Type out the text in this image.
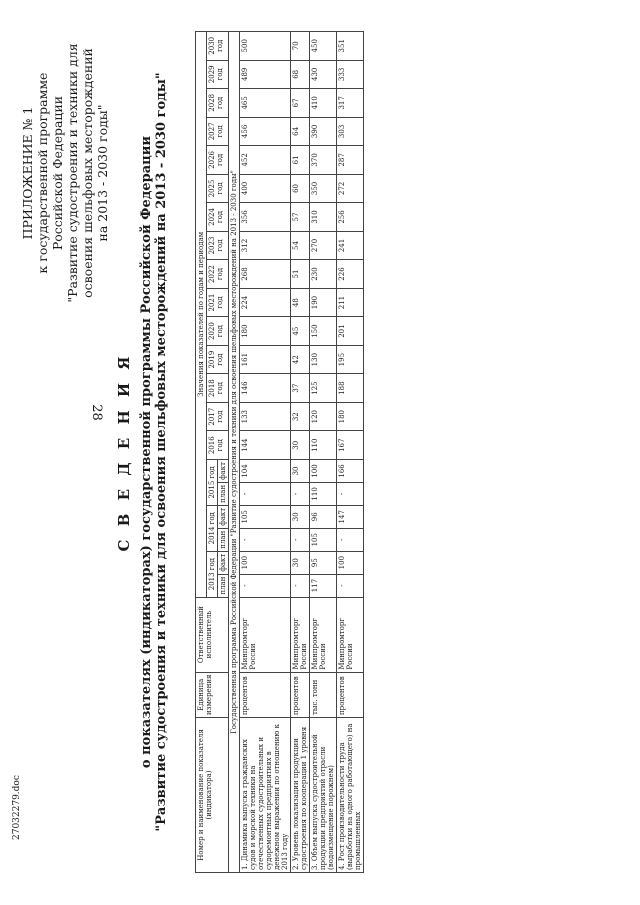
28
27032279.doc
ПРИЛОЖЕНИЕ № 1 к государственной программе Российской Федерации "Развитие судостроения и техники для освоения шельфовых месторождений на 2013 - 2030 годы"
С В Е Д Е Н И Я о показателях (индикаторах) государственной программы Российской Федерации "Развитие судостроения и техники для освоения шельфовых месторождений на 2013 - 2030 годы"	Номер и наименование показателя (индикатора)	Единица измерения	Ответственный исполнитель	Значения показателей по годам и периодам																				
			2013 год		2014 год		2015 год		2016 год	2017 год	2018 год	2019 год	2020 год	2021 год	2022 год	2023 год	2024 год	2025 год	2026 год	2027 год	2028 год	2029 год	2030 год
			план	факт	план	факт	план	факт															
Государственная программа Российской Федерации "Развитие судостроения и техники для освоения шельфовых месторождений на 2013 - 2030 годы"																							
1. Динамика выпуска гражданских судов и морской техники на отечественных судостроительных и судоремонтных предприятиях в денежном выражении по отношению к 2013 году	процентов	Минпромторг России	-	100	-	105	-	104	144	133	146	161	180	224	268	312	356	400	452	456	465	489	500
2. Уровень локализации продукции судостроения по кооперации 1 уровня	процентов	Минпромторг России	-	30	-	30	-	30	30	32	37	42	45	48	51	54	57	60	61	64	67	68	70
3. Объем выпуска судостроительной продукции предприятий отрасли (водоизмещение порожнем)	тыс. тонн	Минпромторг России	117	95	105	96	110	100	110	120	125	130	150	190	230	270	310	350	370	390	410	430	450
4. Рост производительности труда (выработки на одного работающего) на промышленных	процентов	Минпромторг России	-	100	-	147	-	166	167	180	188	195	201	211	226	241	256	272	287	303	317	333	351
